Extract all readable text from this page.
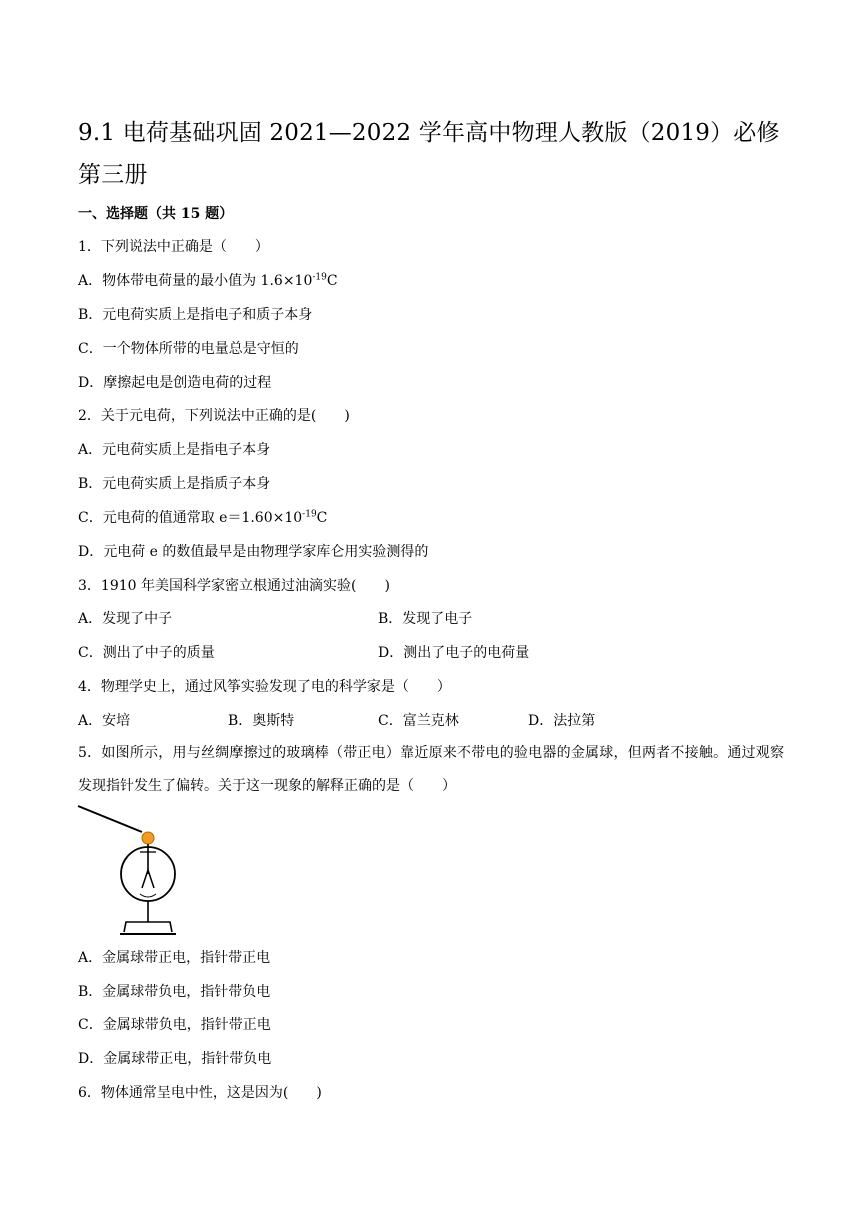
9.1 电荷基础巩固 2021—2022 学年高中物理人教版（2019）必修第三册
一、选择题（共 15 题）
1．下列说法中正确是（　　）
A．物体带电荷量的最小值为 $1.6\times 10^{-19}C$
B．元电荷实质上是指电子和质子本身
C．一个物体所带的电量总是守恒的
D．摩擦起电是创造电荷的过程
2．关于元电荷，下列说法中正确的是(　　)
A．元电荷实质上是指电子本身
B．元电荷实质上是指质子本身
C．元电荷的值通常取 $e=1.60\times 10^{-19}C$
D．元电荷 e 的数值最早是由物理学家库仑用实验测得的
3．1910 年美国科学家密立根通过油滴实验(　　)
A．发现了中子	B．发现了电子
C．测出了中子的质量	D．测出了电子的电荷量
4．物理学史上，通过风筝实验发现了电的科学家是（　　）
A．安培	B．奥斯特	C．富兰克林	D．法拉第
5．如图所示，用与丝绸摩擦过的玻璃棒（带正电）靠近原来不带电的验电器的金属球，但两者不接触。通过观察发现指针发生了偏转。关于这一现象的解释正确的是（　　）
A．金属球带正电，指针带正电
B．金属球带负电，指针带负电
C．金属球带负电，指针带正电
D．金属球带正电，指针带负电
6．物体通常呈电中性，这是因为(　　)
